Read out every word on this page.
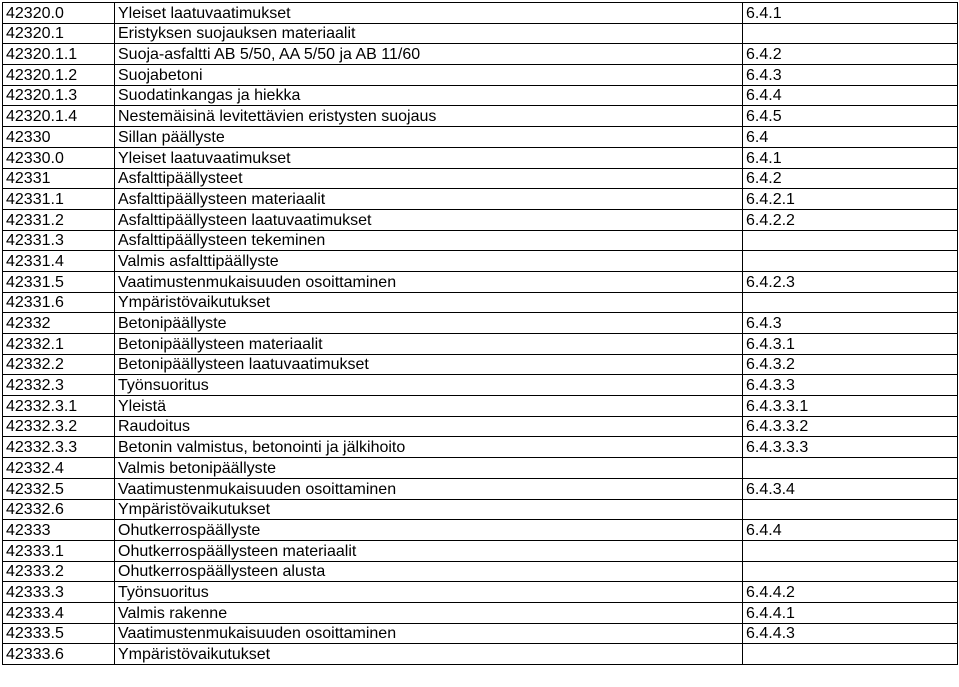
42320.0	Yleiset laatuvaatimukset	6.4.1
42320.1	Eristyksen suojauksen materiaalit	
42320.1.1	Suoja-asfaltti AB 5/50, AA 5/50 ja AB 11/60	6.4.2
42320.1.2	Suojabetoni	6.4.3
42320.1.3	Suodatinkangas ja hiekka	6.4.4
42320.1.4	Nestemäisinä levitettävien eristysten suojaus	6.4.5
42330	Sillan päällyste	6.4
42330.0	Yleiset laatuvaatimukset	6.4.1
42331	Asfalttipäällysteet	6.4.2
42331.1	Asfalttipäällysteen materiaalit	6.4.2.1
42331.2	Asfalttipäällysteen laatuvaatimukset	6.4.2.2
42331.3	Asfalttipäällysteen tekeminen	
42331.4	Valmis asfalttipäällyste	
42331.5	Vaatimustenmukaisuuden osoittaminen	6.4.2.3
42331.6	Ympäristövaikutukset	
42332	Betonipäällyste	6.4.3
42332.1	Betonipäällysteen materiaalit	6.4.3.1
42332.2	Betonipäällysteen laatuvaatimukset	6.4.3.2
42332.3	Työnsuoritus	6.4.3.3
42332.3.1	Yleistä	6.4.3.3.1
42332.3.2	Raudoitus	6.4.3.3.2
42332.3.3	Betonin valmistus, betonointi ja jälkihoito	6.4.3.3.3
42332.4	Valmis betonipäällyste	
42332.5	Vaatimustenmukaisuuden osoittaminen	6.4.3.4
42332.6	Ympäristövaikutukset	
42333	Ohutkerrospäällyste	6.4.4
42333.1	Ohutkerrospäällysteen materiaalit	
42333.2	Ohutkerrospäällysteen alusta	
42333.3	Työnsuoritus	6.4.4.2
42333.4	Valmis rakenne	6.4.4.1
42333.5	Vaatimustenmukaisuuden osoittaminen	6.4.4.3
42333.6	Ympäristövaikutukset	
